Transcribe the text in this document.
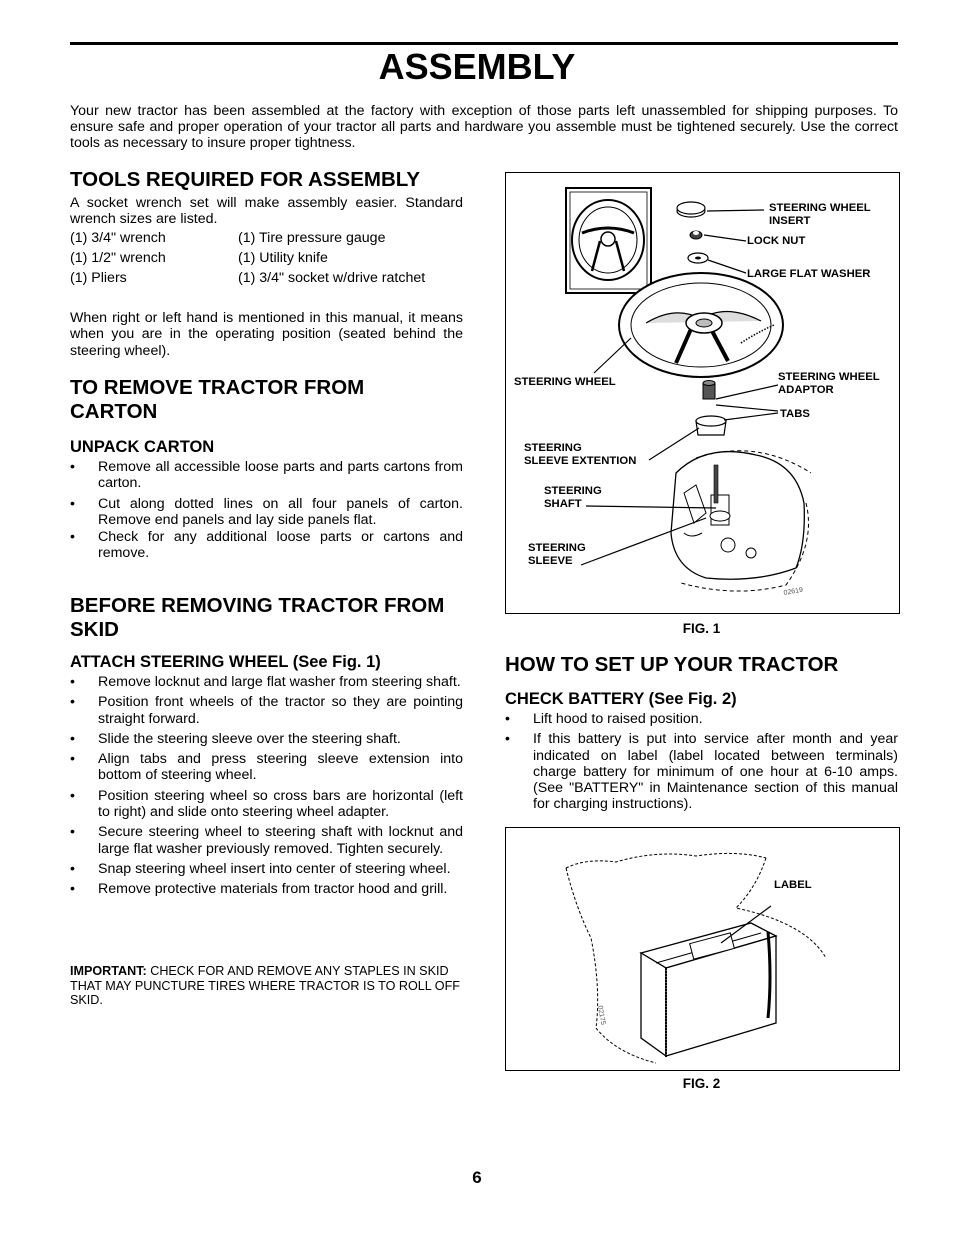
ASSEMBLY
Your new tractor has been assembled at the factory with exception of those parts left unassembled for shipping purposes. To ensure safe and proper operation of your tractor all parts and hardware you assemble must be tightened securely. Use the correct tools as necessary to insure proper tightness.
TOOLS REQUIRED FOR ASSEMBLY
A socket wrench set will make assembly easier. Standard wrench sizes are listed.
(1) 3/4" wrench	(1) Tire pressure gauge
(1) 1/2" wrench	(1) Utility knife
(1) Pliers	(1) 3/4" socket w/drive ratchet
When right or left hand is mentioned in this manual, it means when you are in the operating position (seated behind the steering wheel).
TO REMOVE TRACTOR FROM CARTON
UNPACK CARTON
• Remove all accessible loose parts and parts cartons from carton.
• Cut along dotted lines on all four panels of carton. Remove end panels and lay side panels flat.
• Check for any additional loose parts or cartons and remove.
BEFORE REMOVING TRACTOR FROM SKID
ATTACH STEERING WHEEL (See Fig. 1)
• Remove locknut and large flat washer from steering shaft.
• Position front wheels of the tractor so they are pointing straight forward.
• Slide the steering sleeve over the steering shaft.
• Align tabs and press steering sleeve extension into bottom of steering wheel.
• Position steering wheel so cross bars are horizontal (left to right) and slide onto steering wheel adapter.
• Secure steering wheel to steering shaft with locknut and large flat washer previously removed. Tighten securely.
• Snap steering wheel insert into center of steering wheel.
• Remove protective materials from tractor hood and grill.
IMPORTANT: CHECK FOR AND REMOVE ANY STAPLES IN SKID THAT MAY PUNCTURE TIRES WHERE TRACTOR IS TO ROLL OFF SKID.
02619
STEERING WHEEL
INSERT
LOCK NUT
LARGE FLAT WASHER
STEERING WHEEL	STEERING WHEEL
ADAPTOR
TABS
STEERING
SLEEVE EXTENTION
STEERING
SHAFT
STEERING
SLEEVE
FIG. 1
HOW TO SET UP YOUR TRACTOR
CHECK BATTERY (See Fig. 2)
• Lift hood to raised position.
• If this battery is put into service after month and year indicated on label (label located between terminals) charge battery for minimum of one hour at 6-10 amps. (See "BATTERY" in Maintenance section of this manual for charging instructions).
02175
LABEL
FIG. 2
6
